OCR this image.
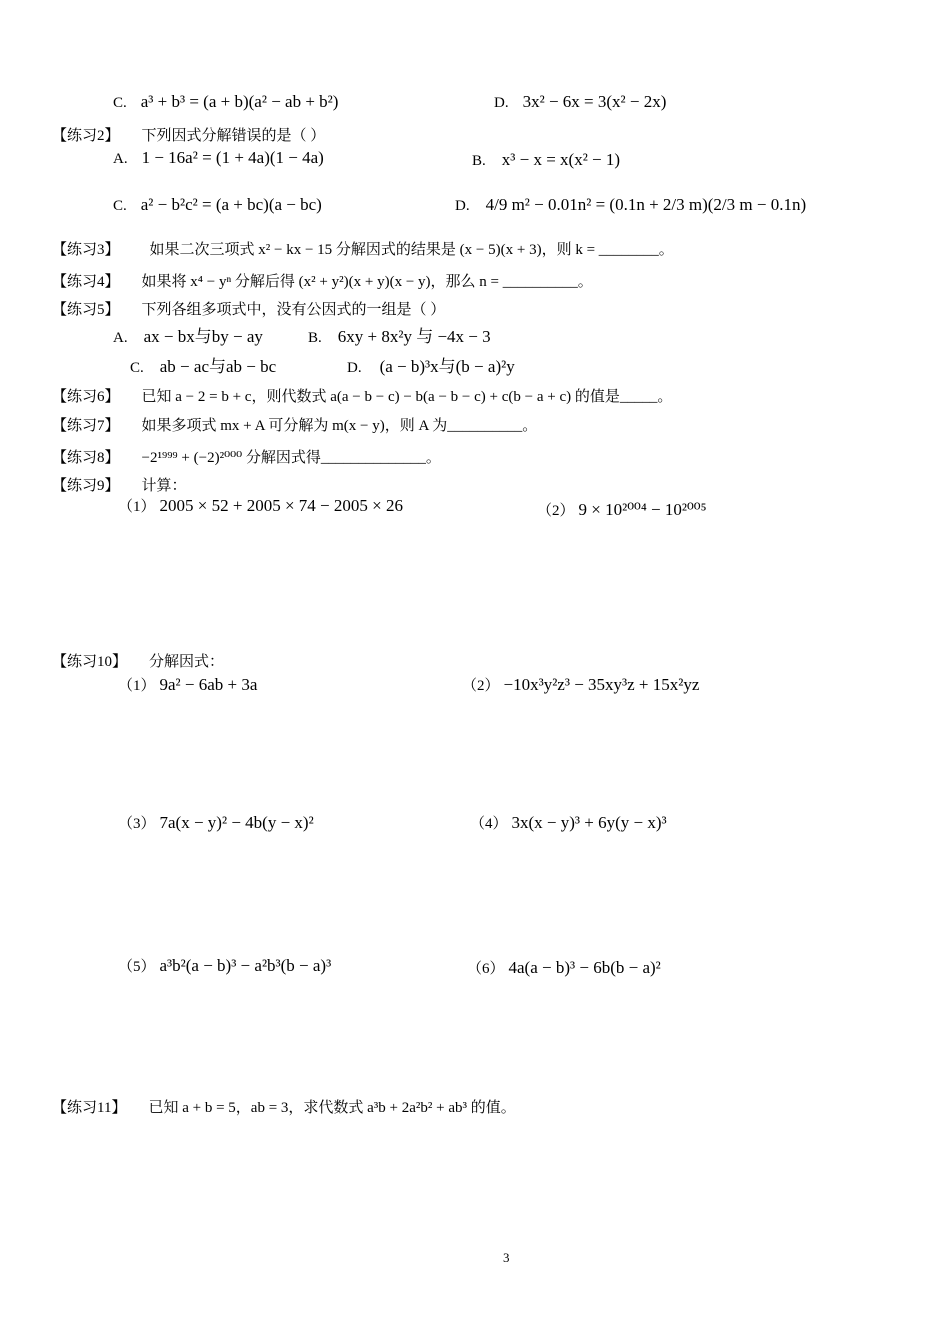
C. a³ + b³ = (a + b)(a² − ab + b²)	D. 3x² − 6x = 3(x² − 2x)
【练习2】 下列因式分解错误的是（ ）
A. 1 − 16a² = (1 + 4a)(1 − 4a)	B. x³ − x = x(x² − 1)
C. a² − b²c² = (a + bc)(a − bc)	D. 4/9 m² − 0.01n² = (0.1n + 2/3 m)(2/3 m − 0.1n)
【练习3】 如果二次三项式 x² − kx − 15 分解因式的结果是 (x − 5)(x + 3)，则 k = ________。
【练习4】 如果将 x⁴ − yⁿ 分解后得 (x² + y²)(x + y)(x − y)，那么 n = __________。
【练习5】 下列各组多项式中，没有公因式的一组是（ ）
A. ax − bx与by − ay	B. 6xy + 8x²y 与 −4x − 3
C. ab − ac与ab − bc	D. (a − b)³x与(b − a)²y
【练习6】 已知 a − 2 = b + c，则代数式 a(a − b − c) − b(a − b − c) + c(b − a + c) 的值是_____。
【练习7】 如果多项式 mx + A 可分解为 m(x − y)，则 A 为__________。
【练习8】 −2¹⁹⁹⁹ + (−2)²⁰⁰⁰ 分解因式得______________。
【练习9】 计算：
（1） 2005 × 52 + 2005 × 74 − 2005 × 26	（2） 9 × 10²⁰⁰⁴ − 10²⁰⁰⁵
【练习10】 分解因式：
（1） 9a² − 6ab + 3a	（2） −10x³y²z³ − 35xy³z + 15x²yz
（3） 7a(x − y)² − 4b(y − x)²	（4） 3x(x − y)³ + 6y(y − x)³
（5） a³b²(a − b)³ − a²b³(b − a)³	（6） 4a(a − b)³ − 6b(b − a)²
【练习11】 已知 a + b = 5，ab = 3，求代数式 a³b + 2a²b² + ab³ 的值。
3
